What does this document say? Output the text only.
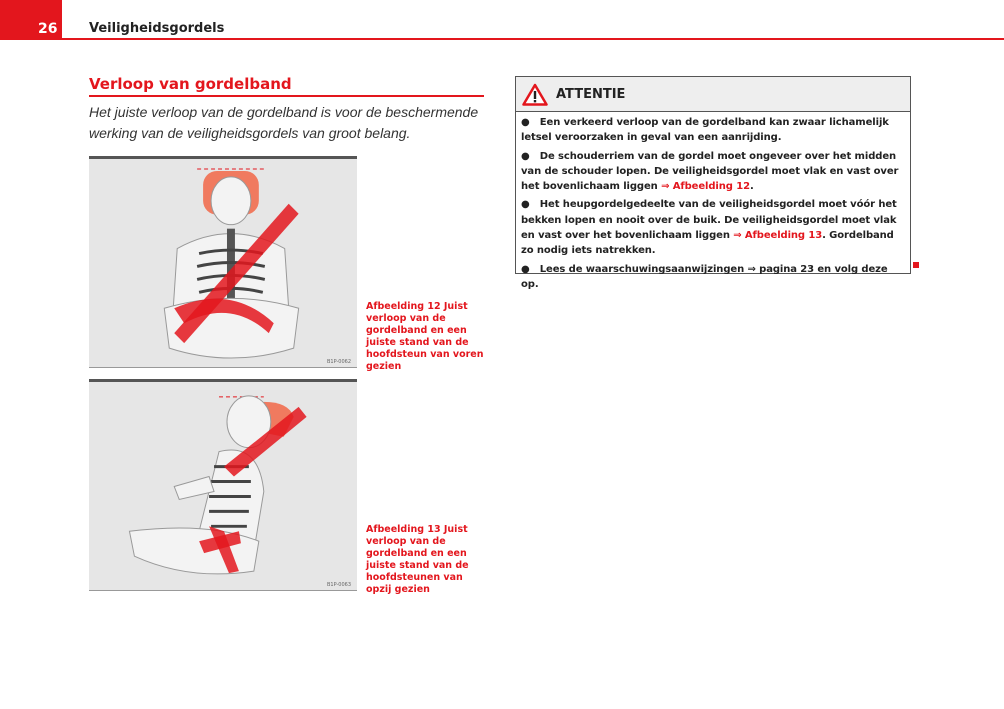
26	Veiligheidsgordels
Verloop van gordelband
Het juiste verloop van de gordelband is voor de beschermende werking van de veiligheidsgordels van groot belang.
B1P-0062
Afbeelding 12 Juist verloop van de gordelband en een juiste stand van de hoofdsteun van voren gezien
B1P-0063
Afbeelding 13 Juist verloop van de gordelband en een juiste stand van de hoofdsteunen van opzij gezien
ATTENTIE

●   Een verkeerd verloop van de gordelband kan zwaar lichamelijk letsel veroorzaken in geval van een aanrijding.

●   De schouderriem van de gordel moet ongeveer over het midden van de schouder lopen. De veiligheidsgordel moet vlak en vast over het bovenlichaam liggen ⇒ Afbeelding 12.

●   Het heupgordelgedeelte van de veiligheidsgordel moet vóór het bekken lopen en nooit over de buik. De veiligheidsgordel moet vlak en vast over het bovenlichaam liggen ⇒ Afbeelding 13. Gordelband zo nodig iets natrekken.

●   Lees de waarschuwingsaanwijzingen ⇒ pagina 23 en volg deze op.
